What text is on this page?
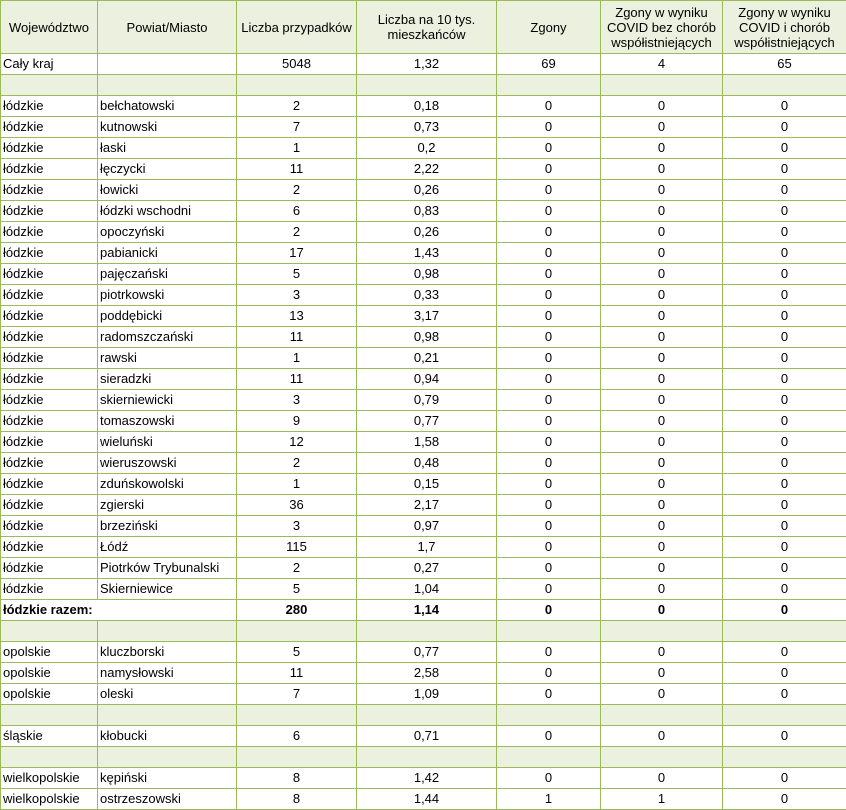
Województwo	Powiat/Miasto	Liczba przypadków	Liczba na 10 tys. mieszkańców	Zgony	Zgony w wyniku COVID bez chorób współistniejących	Zgony w wyniku COVID i chorób współistniejących
Cały kraj		5048	1,32	69	4	65

łódzkie	bełchatowski	2	0,18	0	0	0
łódzkie	kutnowski	7	0,73	0	0	0
łódzkie	łaski	1	0,2	0	0	0
łódzkie	łęczycki	11	2,22	0	0	0
łódzkie	łowicki	2	0,26	0	0	0
łódzkie	łódzki wschodni	6	0,83	0	0	0
łódzkie	opoczyński	2	0,26	0	0	0
łódzkie	pabianicki	17	1,43	0	0	0
łódzkie	pajęczański	5	0,98	0	0	0
łódzkie	piotrkowski	3	0,33	0	0	0
łódzkie	poddębicki	13	3,17	0	0	0
łódzkie	radomszczański	11	0,98	0	0	0
łódzkie	rawski	1	0,21	0	0	0
łódzkie	sieradzki	11	0,94	0	0	0
łódzkie	skierniewicki	3	0,79	0	0	0
łódzkie	tomaszowski	9	0,77	0	0	0
łódzkie	wieluński	12	1,58	0	0	0
łódzkie	wieruszowski	2	0,48	0	0	0
łódzkie	zduńskowolski	1	0,15	0	0	0
łódzkie	zgierski	36	2,17	0	0	0
łódzkie	brzeziński	3	0,97	0	0	0
łódzkie	Łódź	115	1,7	0	0	0
łódzkie	Piotrków Trybunalski	2	0,27	0	0	0
łódzkie	Skierniewice	5	1,04	0	0	0
łódzkie razem:		280	1,14	0	0	0

opolskie	kluczborski	5	0,77	0	0	0
opolskie	namysłowski	11	2,58	0	0	0
opolskie	oleski	7	1,09	0	0	0

śląskie	kłobucki	6	0,71	0	0	0

wielkopolskie	kępiński	8	1,42	0	0	0
wielkopolskie	ostrzeszowski	8	1,44	1	1	0
